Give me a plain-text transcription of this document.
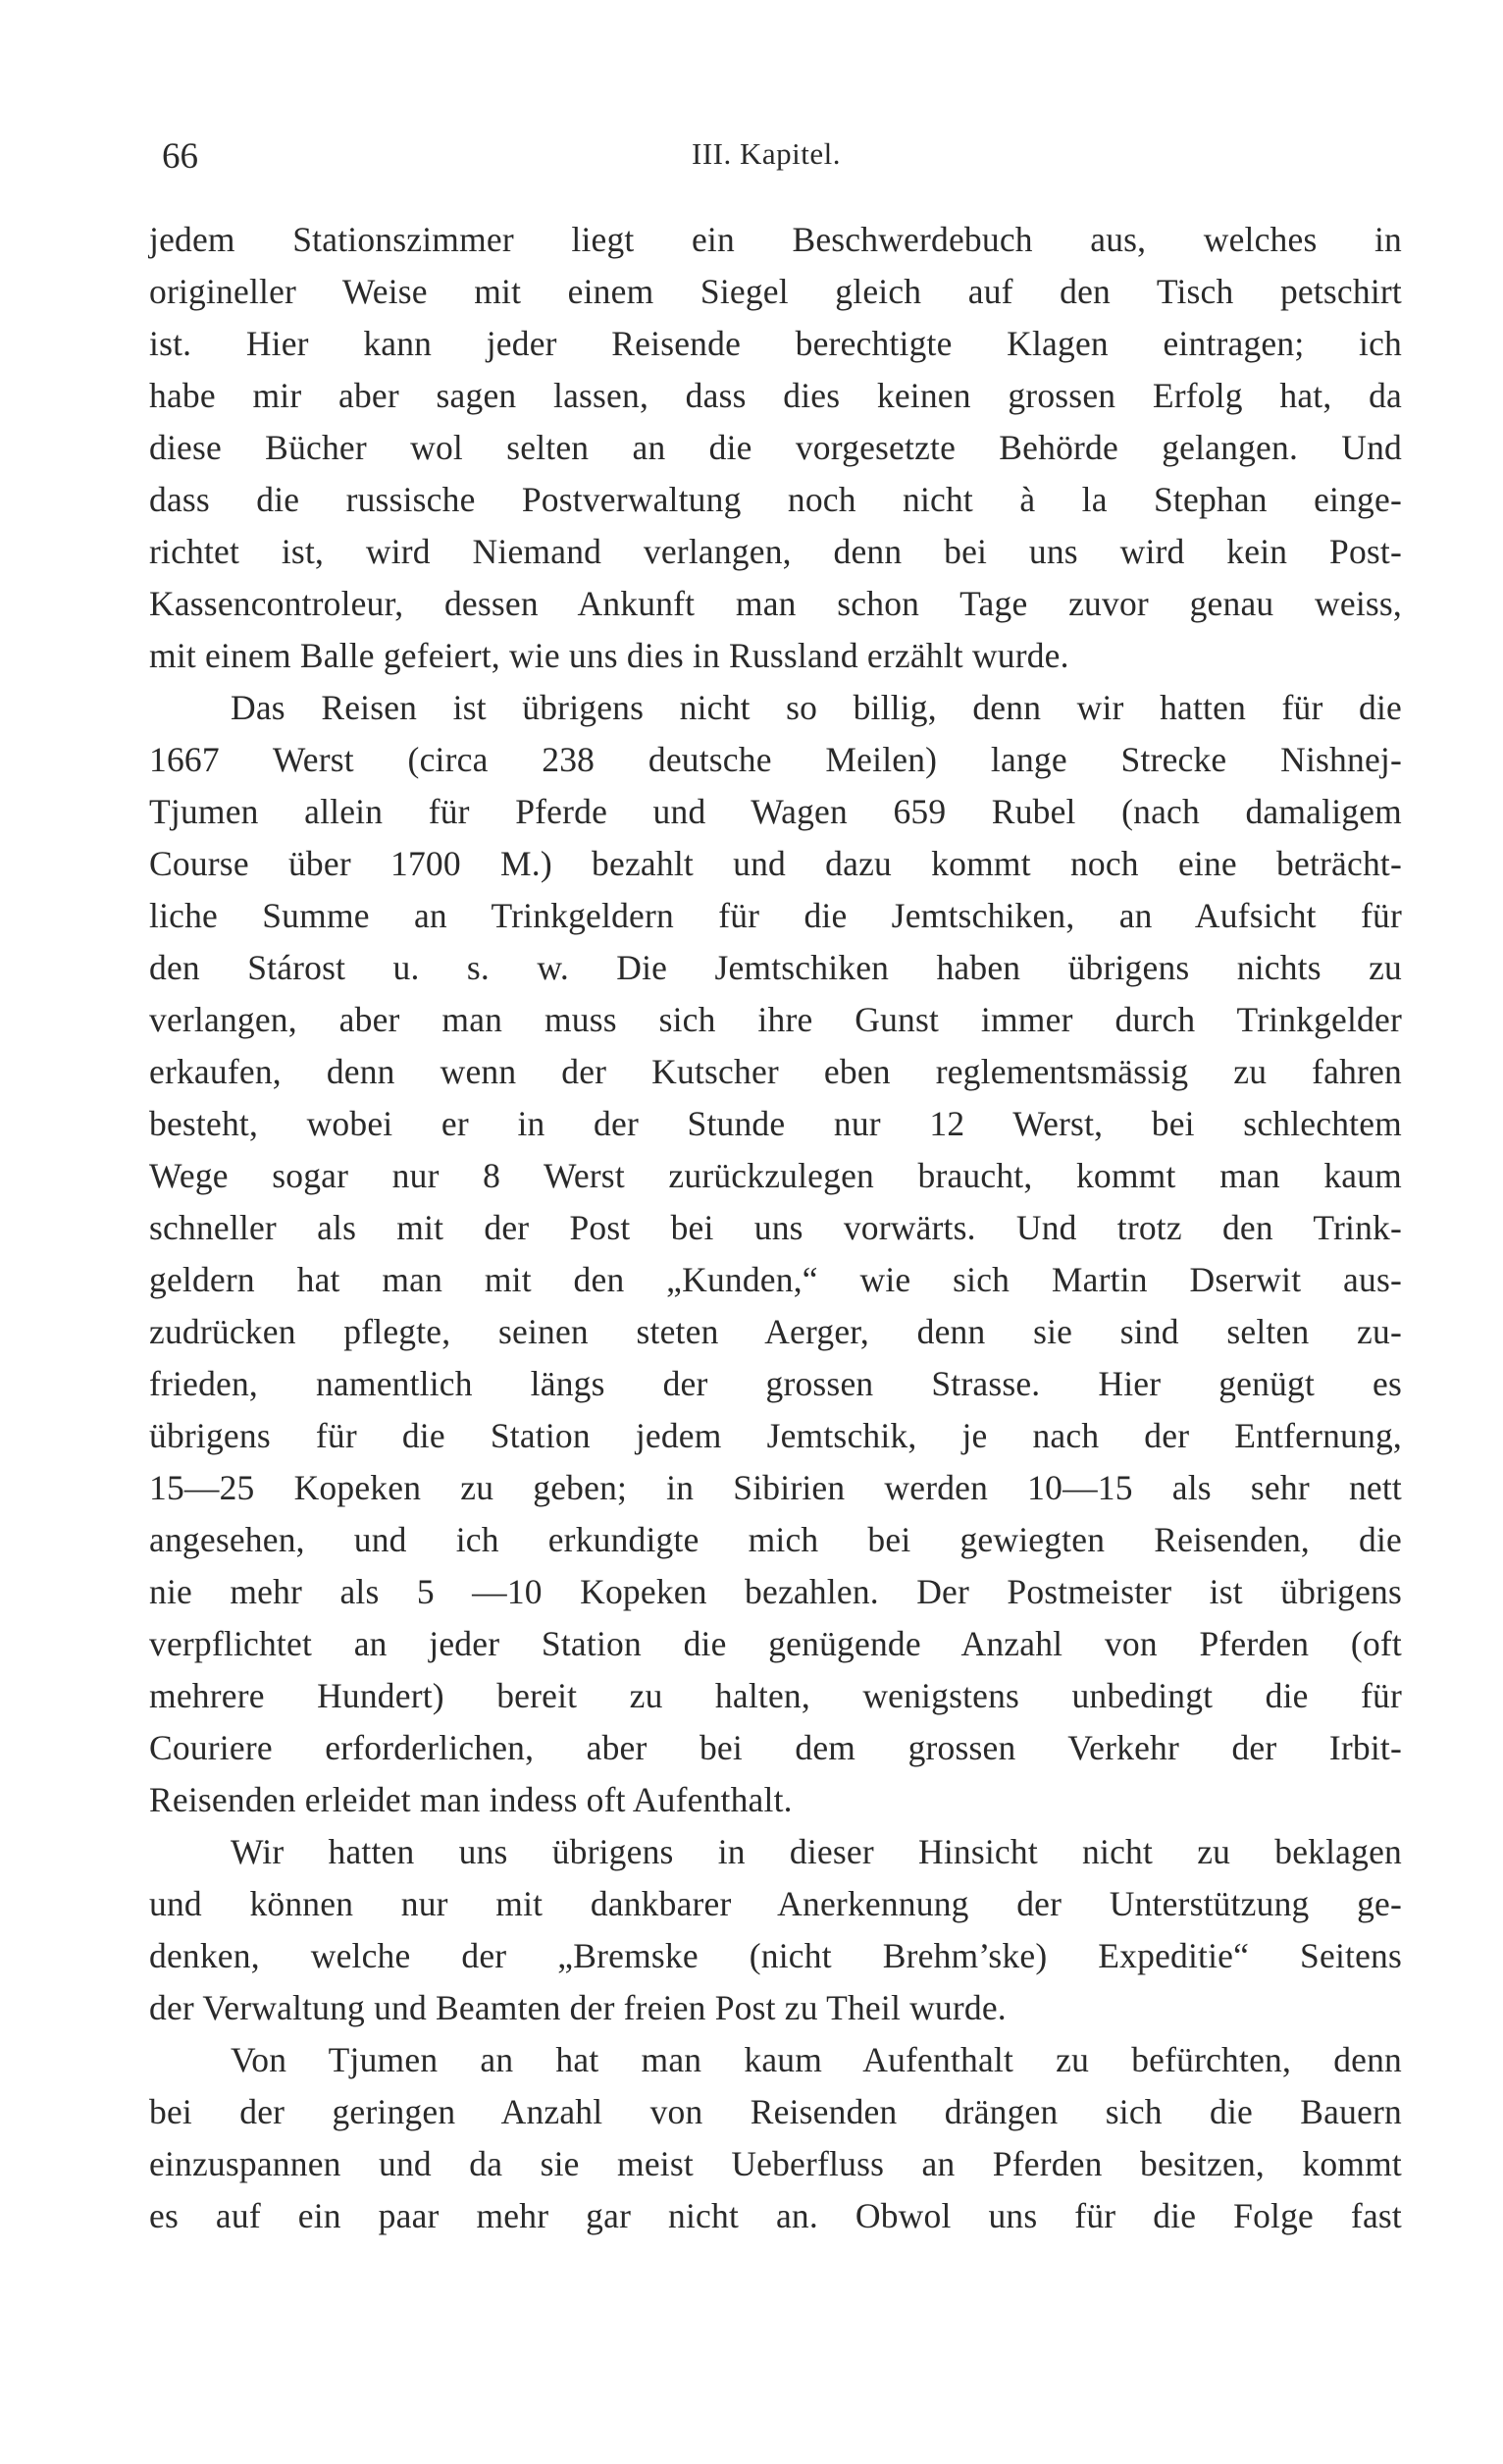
66	III. Kapitel.
jedem Stationszimmer liegt ein Beschwerdebuch aus, welches in
origineller Weise mit einem Siegel gleich auf den Tisch petschirt
ist. Hier kann jeder Reisende berechtigte Klagen eintragen; ich
habe mir aber sagen lassen, dass dies keinen grossen Erfolg hat, da
diese Bücher wol selten an die vorgesetzte Behörde gelangen. Und
dass die russische Postverwaltung noch nicht à la Stephan einge-
richtet ist, wird Niemand verlangen, denn bei uns wird kein Post-
Kassencontroleur, dessen Ankunft man schon Tage zuvor genau weiss,
mit einem Balle gefeiert, wie uns dies in Russland erzählt wurde.
Das Reisen ist übrigens nicht so billig, denn wir hatten für die
1667 Werst (circa 238 deutsche Meilen) lange Strecke Nishnej-
Tjumen allein für Pferde und Wagen 659 Rubel (nach damaligem
Course über 1700 M.) bezahlt und dazu kommt noch eine beträcht-
liche Summe an Trinkgeldern für die Jemtschiken, an Aufsicht für
den Stárost u. s. w. Die Jemtschiken haben übrigens nichts zu
verlangen, aber man muss sich ihre Gunst immer durch Trinkgelder
erkaufen, denn wenn der Kutscher eben reglementsmässig zu fahren
besteht, wobei er in der Stunde nur 12 Werst, bei schlechtem
Wege sogar nur 8 Werst zurückzulegen braucht, kommt man kaum
schneller als mit der Post bei uns vorwärts. Und trotz den Trink-
geldern hat man mit den „Kunden,“ wie sich Martin Dserwit aus-
zudrücken pflegte, seinen steten Aerger, denn sie sind selten zu-
frieden, namentlich längs der grossen Strasse. Hier genügt es
übrigens für die Station jedem Jemtschik, je nach der Entfernung,
15—25 Kopeken zu geben; in Sibirien werden 10—15 als sehr nett
angesehen, und ich erkundigte mich bei gewiegten Reisenden, die
nie mehr als 5 —10 Kopeken bezahlen. Der Postmeister ist übrigens
verpflichtet an jeder Station die genügende Anzahl von Pferden (oft
mehrere Hundert) bereit zu halten, wenigstens unbedingt die für
Couriere erforderlichen, aber bei dem grossen Verkehr der Irbit-
Reisenden erleidet man indess oft Aufenthalt.
Wir hatten uns übrigens in dieser Hinsicht nicht zu beklagen
und können nur mit dankbarer Anerkennung der Unterstützung ge-
denken, welche der „Bremske (nicht Brehm’ske) Expeditie“ Seitens
der Verwaltung und Beamten der freien Post zu Theil wurde.
Von Tjumen an hat man kaum Aufenthalt zu befürchten, denn
bei der geringen Anzahl von Reisenden drängen sich die Bauern
einzuspannen und da sie meist Ueberfluss an Pferden besitzen, kommt
es auf ein paar mehr gar nicht an. Obwol uns für die Folge fast
